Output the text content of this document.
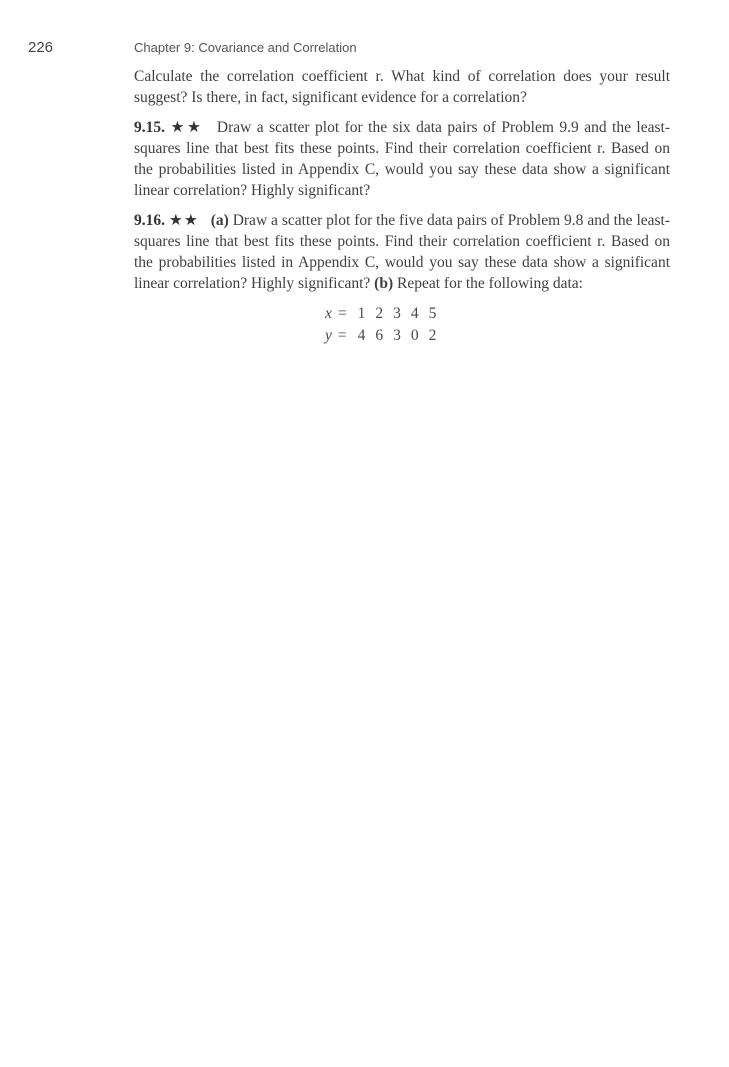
226	Chapter 9: Covariance and Correlation

Calculate the correlation coefficient r. What kind of correlation does your result suggest? Is there, in fact, significant evidence for a correlation?

9.15. ★★ Draw a scatter plot for the six data pairs of Problem 9.9 and the least-squares line that best fits these points. Find their correlation coefficient r. Based on the probabilities listed in Appendix C, would you say these data show a significant linear correlation? Highly significant?

9.16. ★★ (a) Draw a scatter plot for the five data pairs of Problem 9.8 and the least-squares line that best fits these points. Find their correlation coefficient r. Based on the probabilities listed in Appendix C, would you say these data show a significant linear correlation? Highly significant? (b) Repeat for the following data:

x	=	1	2	3	4	5
y	=	4	6	3	0	2
